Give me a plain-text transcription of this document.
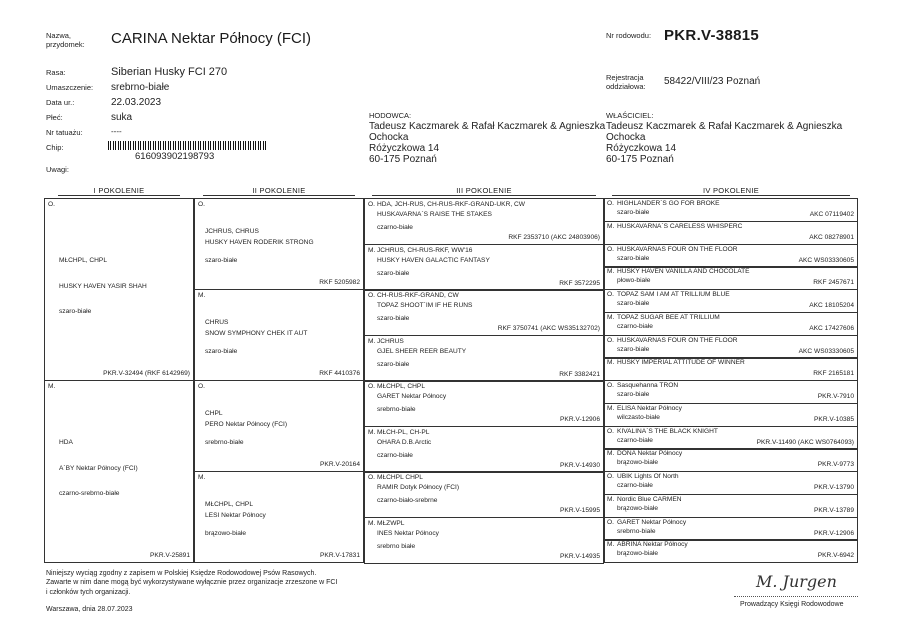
Nazwa,
przydomek: CARINA Nektar Północy (FCI)	Nr rodowodu: PKR.V-38815
Rasa:	Siberian Husky FCI 270
Umaszczenie: srebrno-białe
Data ur.:	22.03.2023
Płeć:	suka
Nr tatuażu:	----
Chip:
616093902198793
Uwagi:
Rejestracja
oddziałowa: 58422/VIII/23 Poznań
HODOWCA:
Tadeusz Kaczmarek & Rafał Kaczmarek & Agnieszka
Ochocka
Różyczkowa 14
60-175 Poznań
WŁAŚCICIEL:
Tadeusz Kaczmarek & Rafał Kaczmarek & Agnieszka
Ochocka
Różyczkowa 14
60-175 Poznań
I POKOLENIE	II POKOLENIE	III POKOLENIE	IV POKOLENIE
O.
MŁCHPL, CHPL
HUSKY HAVEN YASIR SHAH
szaro-białe
PKR.V-32494 (RKF 6142969)
M.
HDA
A`BY Nektar Północy (FCI)
czarno-srebrno-białe
PKR.V-25891
O.
JCHRUS, CHRUS
HUSKY HAVEN RODERIK STRONG
szaro-białe
RKF 5205982
M.
CHRUS
SNOW SYMPHONY CHEK IT AUT
szaro-białe
RKF 4410376
O.
CHPL
PERO Nektar Północy (FCI)
srebrno-białe
PKR.V-20164
M.
MŁCHPL, CHPL
LESI Nektar Północy
brązowo-białe
PKR.V-17831
O. HDA, JCH-RUS, CH-RUS-RKF-GRAND-UKR, CW
HUSKAVARNA`S RAISE THE STAKES
czarno-białe
RKF 2353710 (AKC 24803906)
M. JCHRUS, CH-RUS-RKF, WW'16
HUSKY HAVEN GALACTIC FANTASY
szaro-białe
RKF 3572295
O. CH-RUS-RKF-GRAND, CW
TOPAZ SHOOT`IM IF HE RUNS
szaro-białe
RKF 3750741 (AKC WS35132702)
M. JCHRUS
GJEL SHEER REER BEAUTY
szaro-białe
RKF 3382421
O. MŁCHPL, CHPL
GARET Nektar Północy
srebrno-białe
PKR.V-12906
M. MŁCH-PL, CH-PL
OHARA D.B.Arctic
czarno-białe
PKR.V-14930
O. MŁCHPL CHPL
RAMIR Dotyk Północy (FCI)
czarno-biało-srebrne
PKR.V-15995
M. MŁZWPL
INES Nektar Północy
srebrno białe
PKR.V-14935
O. HIGHLANDER`S GO FOR BROKE
szaro-białe	AKC 07119402
M. HUSKAVARNA`S CARELESS WHISPERC
AKC 08278901
O. HUSKAVARNAS FOUR ON THE FLOOR
szaro-białe	AKC WS03330605
M. HUSKY HAVEN VANILLA AND CHOCOLATE
płowo-białe	RKF 2457671
O. TOPAZ SAM I AM AT TRILLIUM BLUE
szaro-białe	AKC 18105204
M. TOPAZ SUGAR BEE AT TRILLIUM
czarno-białe	AKC 17427606
O. HUSKAVARNAS FOUR ON THE FLOOR
szaro-białe	AKC WS03330605
M. HUSKY IMPERIAL ATTITUDE OF WINNER
RKF 2165181
O. Sasquehanna TRON
szaro-białe	PKR.V-7910
M. ELISA Nektar Północy
wilczasto-białe	PKR.V-10385
O. KIVALINA`S THE BLACK KNIGHT
czarno-białe	PKR.V-11490 (AKC WS0764093)
M. DONA Nektar Północy
brązowo-białe	PKR.V-9773
O. UBIK Lights Of North
czarno-białe	PKR.V-13790
M. Nordic Blue CARMEN
brązowo-białe	PKR.V-13789
O. GARET Nektar Północy
srebrno-białe	PKR.V-12906
M. ABRINA Nektar Północy
brązowo-białe	PKR.V-6942
Niniejszy wyciąg zgodny z zapisem w Polskiej Księdze Rodowodowej Psów Rasowych.
Zawarte w nim dane mogą być wykorzystywane wyłącznie przez organizacje zrzeszone w FCI
i członków tych organizacji.
Warszawa, dnia 28.07.2023
M. Jurgen
Prowadzący Księgi Rodowodowe
